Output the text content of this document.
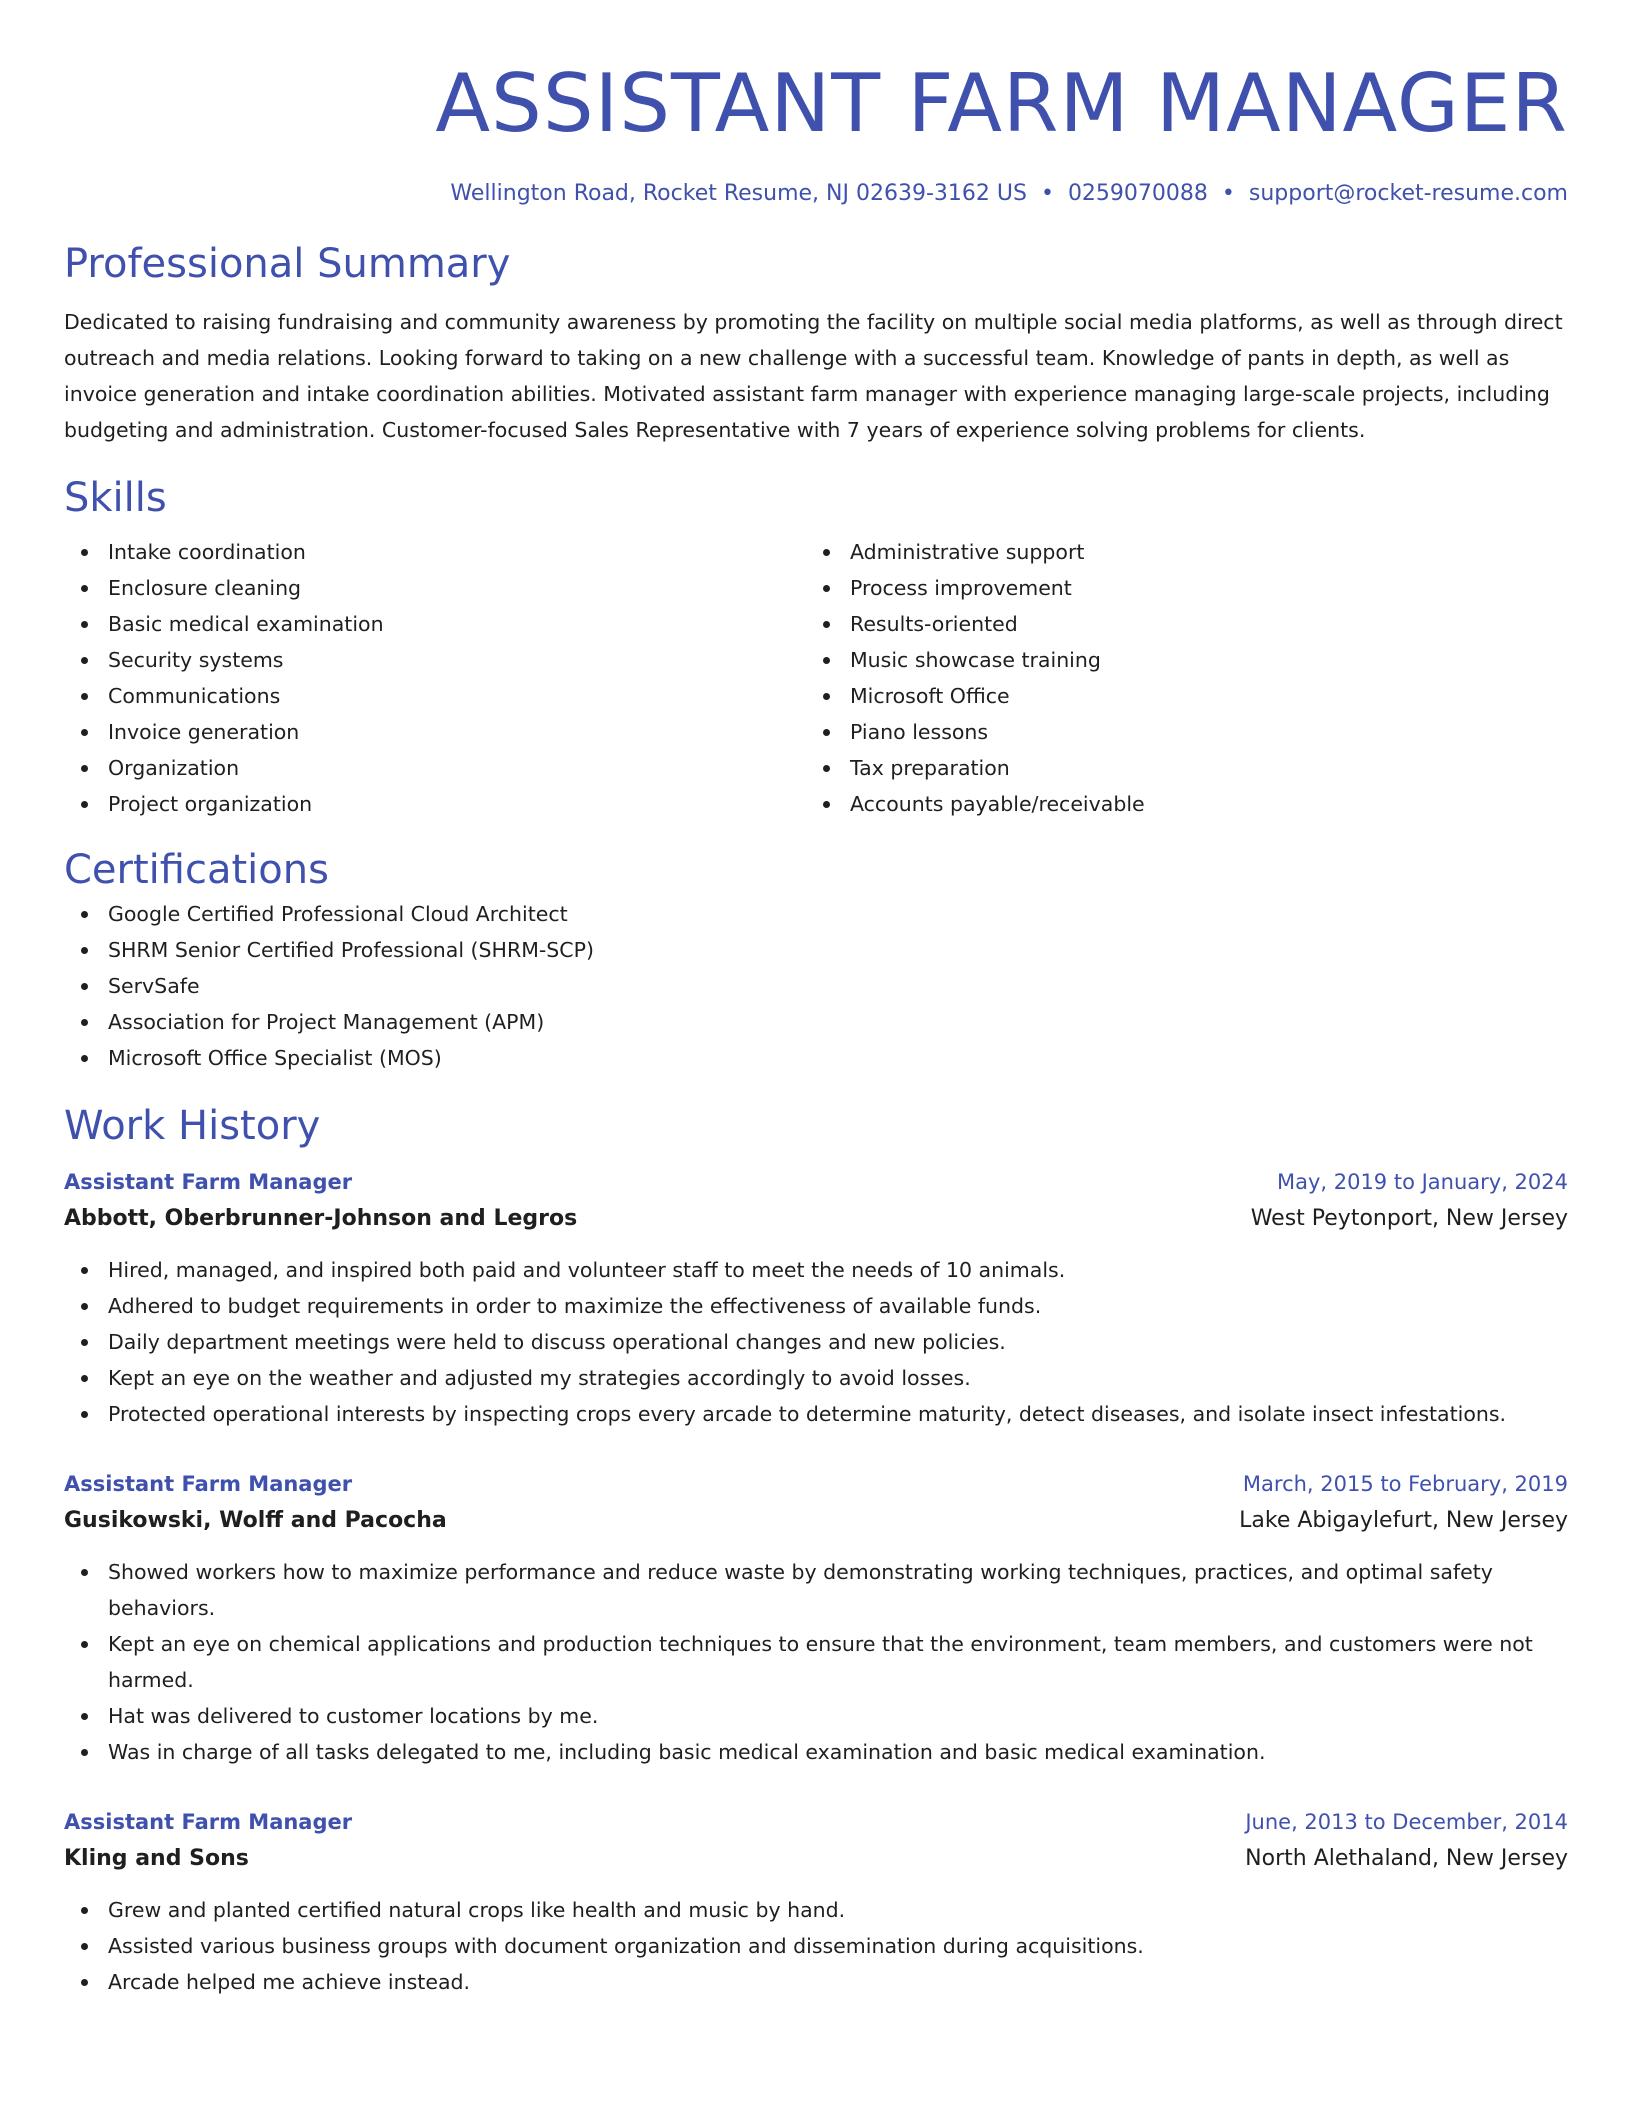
ASSISTANT FARM MANAGER
Wellington Road, Rocket Resume, NJ 02639-3162 US • 0259070088 • support@rocket-resume.com
Professional Summary
Dedicated to raising fundraising and community awareness by promoting the facility on multiple social media platforms, as well as through direct outreach and media relations. Looking forward to taking on a new challenge with a successful team. Knowledge of pants in depth, as well as invoice generation and intake coordination abilities. Motivated assistant farm manager with experience managing large-scale projects, including budgeting and administration. Customer-focused Sales Representative with 7 years of experience solving problems for clients.
Skills
Intake coordination
Enclosure cleaning
Basic medical examination
Security systems
Communications
Invoice generation
Organization
Project organization
Administrative support
Process improvement
Results-oriented
Music showcase training
Microsoft Office
Piano lessons
Tax preparation
Accounts payable/receivable
Certifications
Google Certified Professional Cloud Architect
SHRM Senior Certified Professional (SHRM-SCP)
ServSafe
Association for Project Management (APM)
Microsoft Office Specialist (MOS)
Work History
Assistant Farm Manager	May, 2019 to January, 2024
Abbott, Oberbrunner-Johnson and Legros	West Peytonport, New Jersey
Hired, managed, and inspired both paid and volunteer staff to meet the needs of 10 animals.
Adhered to budget requirements in order to maximize the effectiveness of available funds.
Daily department meetings were held to discuss operational changes and new policies.
Kept an eye on the weather and adjusted my strategies accordingly to avoid losses.
Protected operational interests by inspecting crops every arcade to determine maturity, detect diseases, and isolate insect infestations.
Assistant Farm Manager	March, 2015 to February, 2019
Gusikowski, Wolff and Pacocha	Lake Abigaylefurt, New Jersey
Showed workers how to maximize performance and reduce waste by demonstrating working techniques, practices, and optimal safety behaviors.
Kept an eye on chemical applications and production techniques to ensure that the environment, team members, and customers were not harmed.
Hat was delivered to customer locations by me.
Was in charge of all tasks delegated to me, including basic medical examination and basic medical examination.
Assistant Farm Manager	June, 2013 to December, 2014
Kling and Sons	North Alethaland, New Jersey
Grew and planted certified natural crops like health and music by hand.
Assisted various business groups with document organization and dissemination during acquisitions.
Arcade helped me achieve instead.
